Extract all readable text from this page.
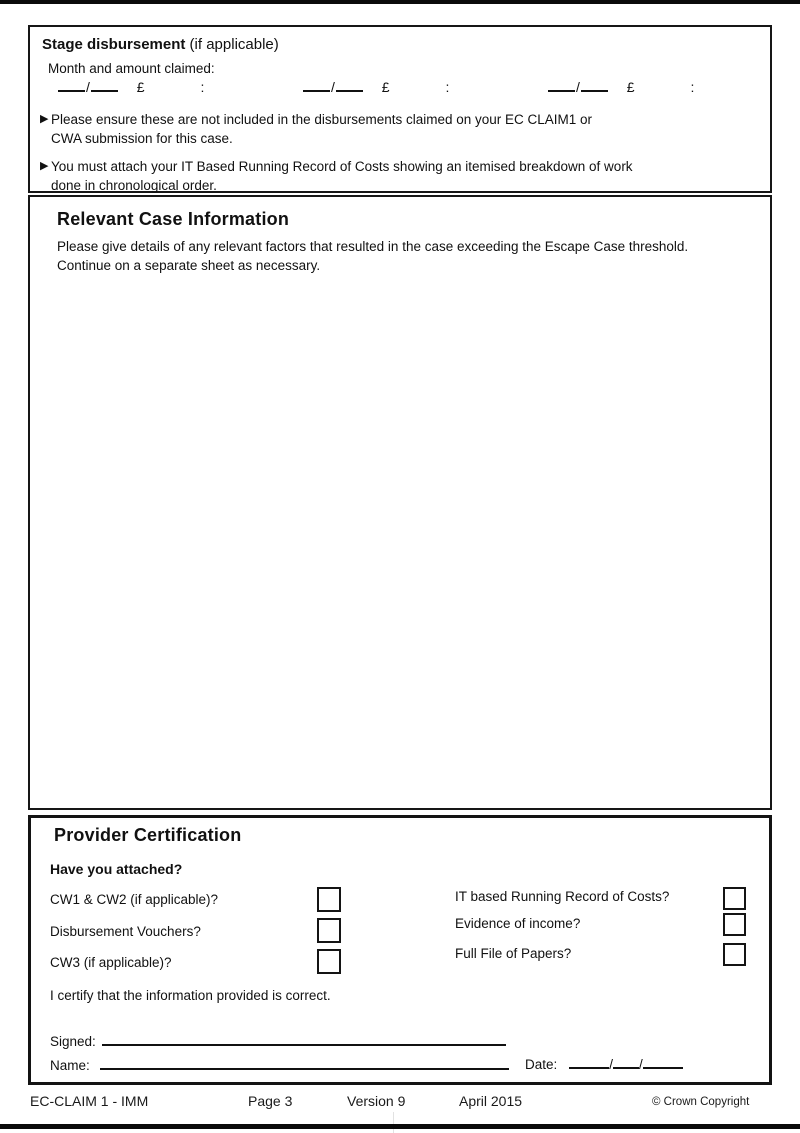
Stage disbursement (if applicable)
Month and amount claimed:
/	£	:	/	£	:	/	£	:
▶ Please ensure these are not included in the disbursements claimed on your EC CLAIM1 or
CWA submission for this case.
▶ You must attach your IT Based Running Record of Costs showing an itemised breakdown of work
done in chronological order.
Relevant Case Information
Please give details of any relevant factors that resulted in the case exceeding the Escape Case threshold.  Continue on a separate sheet as necessary.
Provider Certification
Have you attached?
CW1 & CW2 (if applicable)?
Disbursement Vouchers?
CW3 (if applicable)?
IT based Running Record of Costs?
Evidence of income?
Full File of Papers?
I certify that the information provided is correct.
Signed:
Name:	Date:	/ /
EC-CLAIM 1 - IMM	Page 3	Version 9	April 2015	© Crown Copyright
